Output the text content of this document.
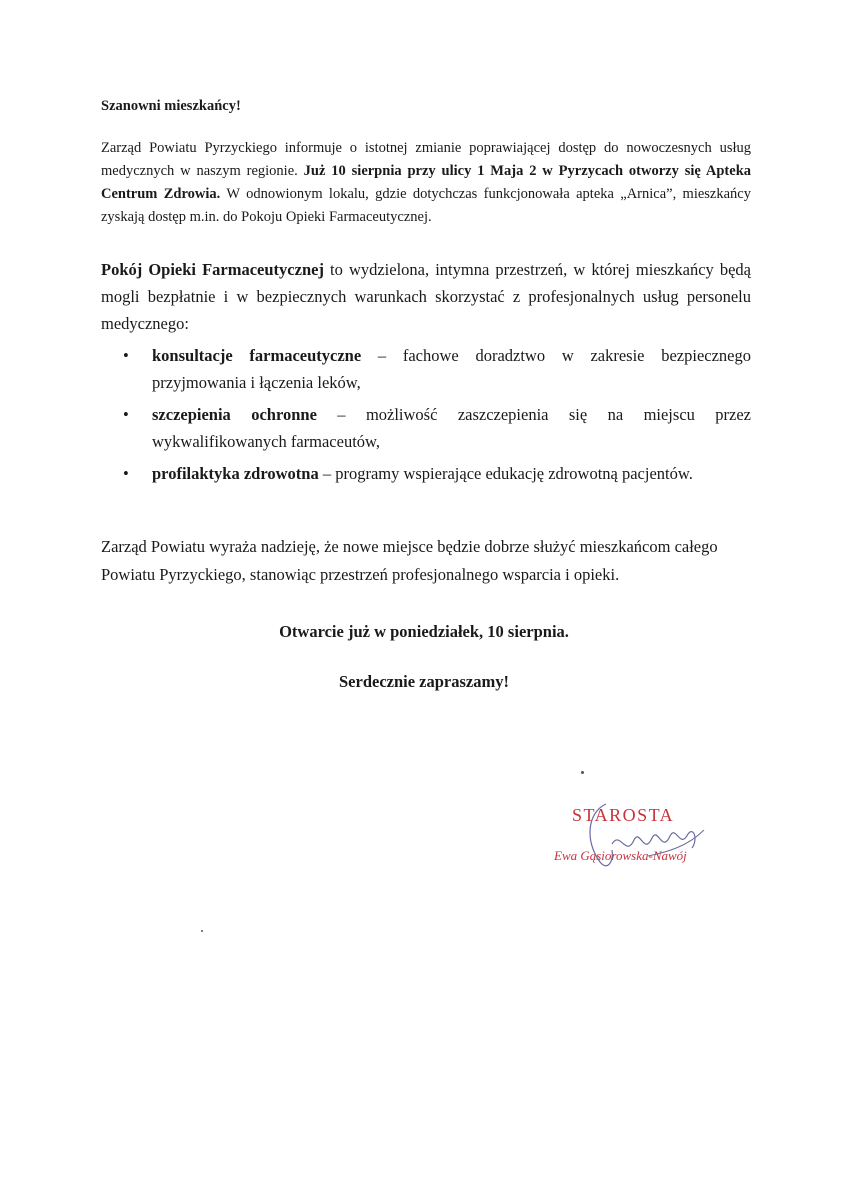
Szanowni mieszkańcy!
Zarząd Powiatu Pyrzyckiego informuje o istotnej zmianie poprawiającej dostęp do nowoczesnych usług medycznych w naszym regionie. Już 10 sierpnia przy ulicy 1 Maja 2 w Pyrzycach otworzy się Apteka Centrum Zdrowia. W odnowionym lokalu, gdzie dotychczas funkcjonowała apteka „Arnica”, mieszkańcy zyskają dostęp m.in. do Pokoju Opieki Farmaceutycznej.
Pokój Opieki Farmaceutycznej to wydzielona, intymna przestrzeń, w której mieszkańcy będą mogli bezpłatnie i w bezpiecznych warunkach skorzystać z profesjonalnych usług personelu medycznego:
• konsultacje farmaceutyczne – fachowe doradztwo w zakresie bezpiecznego przyjmowania i łączenia leków,
• szczepienia ochronne – możliwość zaszczepienia się na miejscu przez wykwalifikowanych farmaceutów,
• profilaktyka zdrowotna – programy wspierające edukację zdrowotną pacjentów.
Zarząd Powiatu wyraża nadzieję, że nowe miejsce będzie dobrze służyć mieszkańcom całego Powiatu Pyrzyckiego, stanowiąc przestrzeń profesjonalnego wsparcia i opieki.
Otwarcie już w poniedziałek, 10 sierpnia.
Serdecznie zapraszamy!
STAROSTA
Ewa Gąsiorowska-Nawój
